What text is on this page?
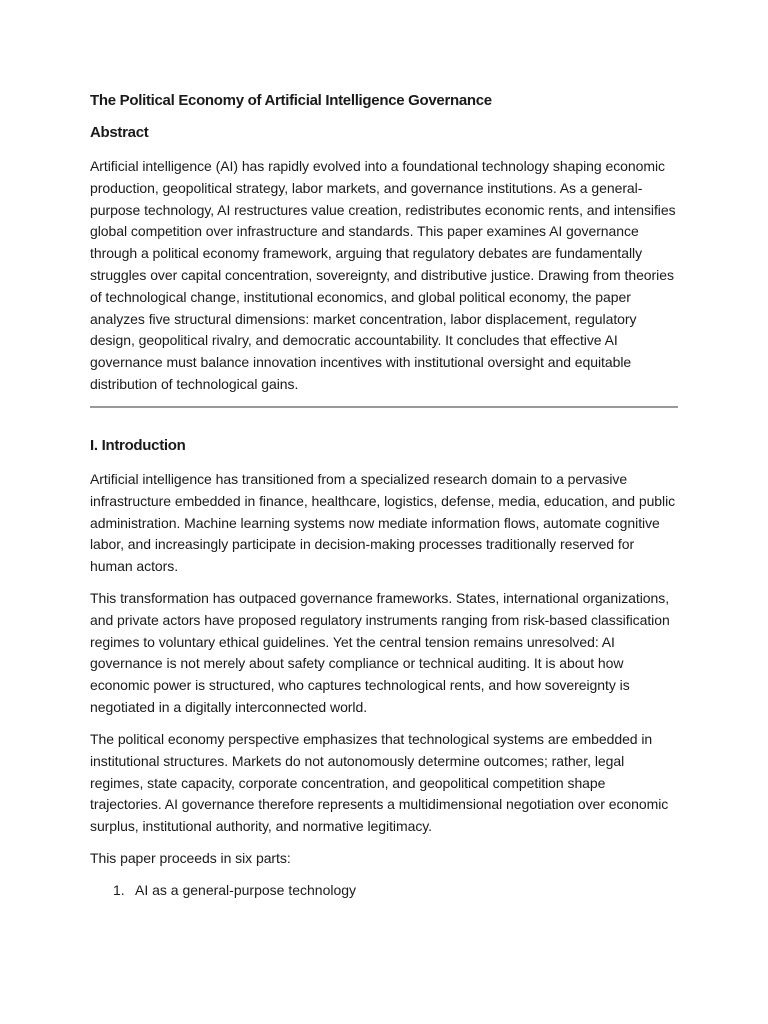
The Political Economy of Artificial Intelligence Governance
Abstract

Artificial intelligence (AI) has rapidly evolved into a foundational technology shaping economic production, geopolitical strategy, labor markets, and governance institutions. As a general-purpose technology, AI restructures value creation, redistributes economic rents, and intensifies global competition over infrastructure and standards. This paper examines AI governance through a political economy framework, arguing that regulatory debates are fundamentally struggles over capital concentration, sovereignty, and distributive justice. Drawing from theories of technological change, institutional economics, and global political economy, the paper analyzes five structural dimensions: market concentration, labor displacement, regulatory design, geopolitical rivalry, and democratic accountability. It concludes that effective AI governance must balance innovation incentives with institutional oversight and equitable distribution of technological gains.

I. Introduction

Artificial intelligence has transitioned from a specialized research domain to a pervasive infrastructure embedded in finance, healthcare, logistics, defense, media, education, and public administration. Machine learning systems now mediate information flows, automate cognitive labor, and increasingly participate in decision-making processes traditionally reserved for human actors.

This transformation has outpaced governance frameworks. States, international organizations, and private actors have proposed regulatory instruments ranging from risk-based classification regimes to voluntary ethical guidelines. Yet the central tension remains unresolved: AI governance is not merely about safety compliance or technical auditing. It is about how economic power is structured, who captures technological rents, and how sovereignty is negotiated in a digitally interconnected world.

The political economy perspective emphasizes that technological systems are embedded in institutional structures. Markets do not autonomously determine outcomes; rather, legal regimes, state capacity, corporate concentration, and geopolitical competition shape trajectories. AI governance therefore represents a multidimensional negotiation over economic surplus, institutional authority, and normative legitimacy.

This paper proceeds in six parts:

1. AI as a general-purpose technology
